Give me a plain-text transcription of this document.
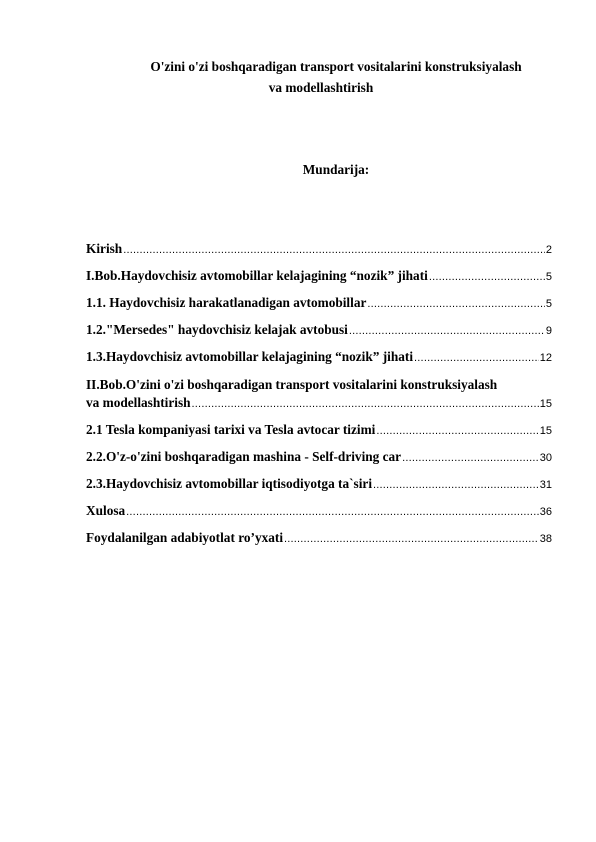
O'zini o'zi boshqaradigan transport vositalarini konstruksiyalash
va modellashtirish
Mundarija:
Kirish .....	2
I.Bob.Haydovchisiz avtomobillar kelajagining “nozik” jihati .....	5
1.1. Haydovchisiz harakatlanadigan avtomobillar .....	5
1.2."Mersedes" haydovchisiz kelajak avtobusi .....	9
1.3.Haydovchisiz avtomobillar kelajagining “nozik” jihati .....	12
II.Bob.O'zini o'zi boshqaradigan transport vositalarini konstruksiyalash
va modellashtirish .....	15
2.1 Tesla kompaniyasi tarixi va Tesla avtocar tizimi .....	15
2.2.O'z-o'zini boshqaradigan mashina - Self-driving car .....	30
2.3.Haydovchisiz avtomobillar iqtisodiyotga ta`siri .....	31
Xulosa .....	36
Foydalanilgan adabiyotlat ro’yxati .....	38
